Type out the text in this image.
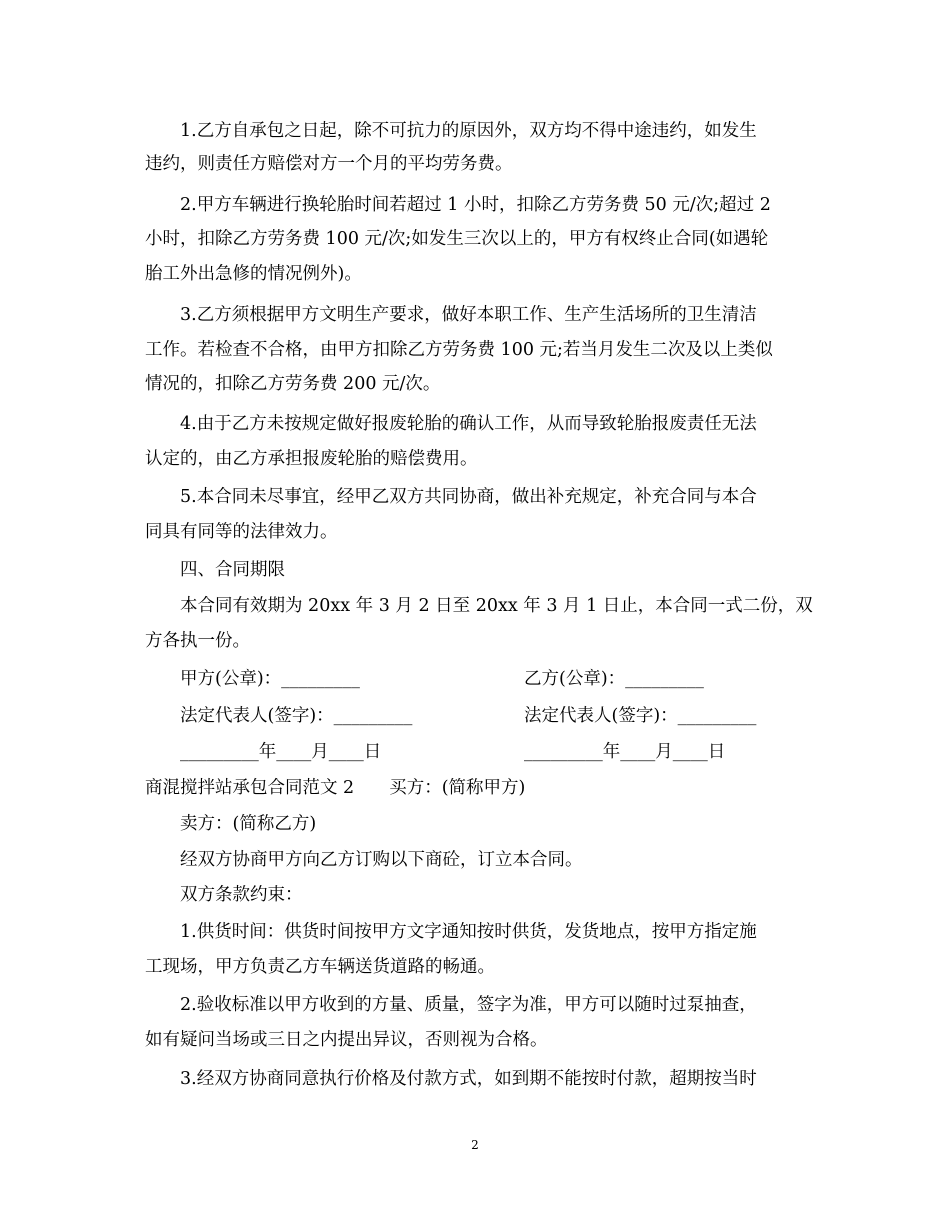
1.乙方自承包之日起，除不可抗力的原因外，双方均不得中途违约，如发生
违约，则责任方赔偿对方一个月的平均劳务费。
2.甲方车辆进行换轮胎时间若超过 1 小时，扣除乙方劳务费 50 元/次;超过 2
小时，扣除乙方劳务费 100 元/次;如发生三次以上的，甲方有权终止合同(如遇轮
胎工外出急修的情况例外)。
3.乙方须根据甲方文明生产要求，做好本职工作、生产生活场所的卫生清洁
工作。若检查不合格，由甲方扣除乙方劳务费 100 元;若当月发生二次及以上类似
情况的，扣除乙方劳务费 200 元/次。
4.由于乙方未按规定做好报废轮胎的确认工作，从而导致轮胎报废责任无法
认定的，由乙方承担报废轮胎的赔偿费用。
5.本合同未尽事宜，经甲乙双方共同协商，做出补充规定，补充合同与本合
同具有同等的法律效力。
四、合同期限
本合同有效期为 20xx 年 3 月 2 日至 20xx 年 3 月 1 日止，本合同一式二份，双
方各执一份。
甲方(公章)：_________	乙方(公章)：_________
法定代表人(签字)：_________	法定代表人(签字)：_________
_________年____月____日	_________年____月____日
商混搅拌站承包合同范文 2　　买方：(简称甲方)
卖方：(简称乙方)
经双方协商甲方向乙方订购以下商砼，订立本合同。
双方条款约束：
1.供货时间：供货时间按甲方文字通知按时供货，发货地点，按甲方指定施
工现场，甲方负责乙方车辆送货道路的畅通。
2.验收标准以甲方收到的方量、质量，签字为准，甲方可以随时过泵抽查，
如有疑问当场或三日之内提出异议，否则视为合格。
3.经双方协商同意执行价格及付款方式，如到期不能按时付款，超期按当时
2
